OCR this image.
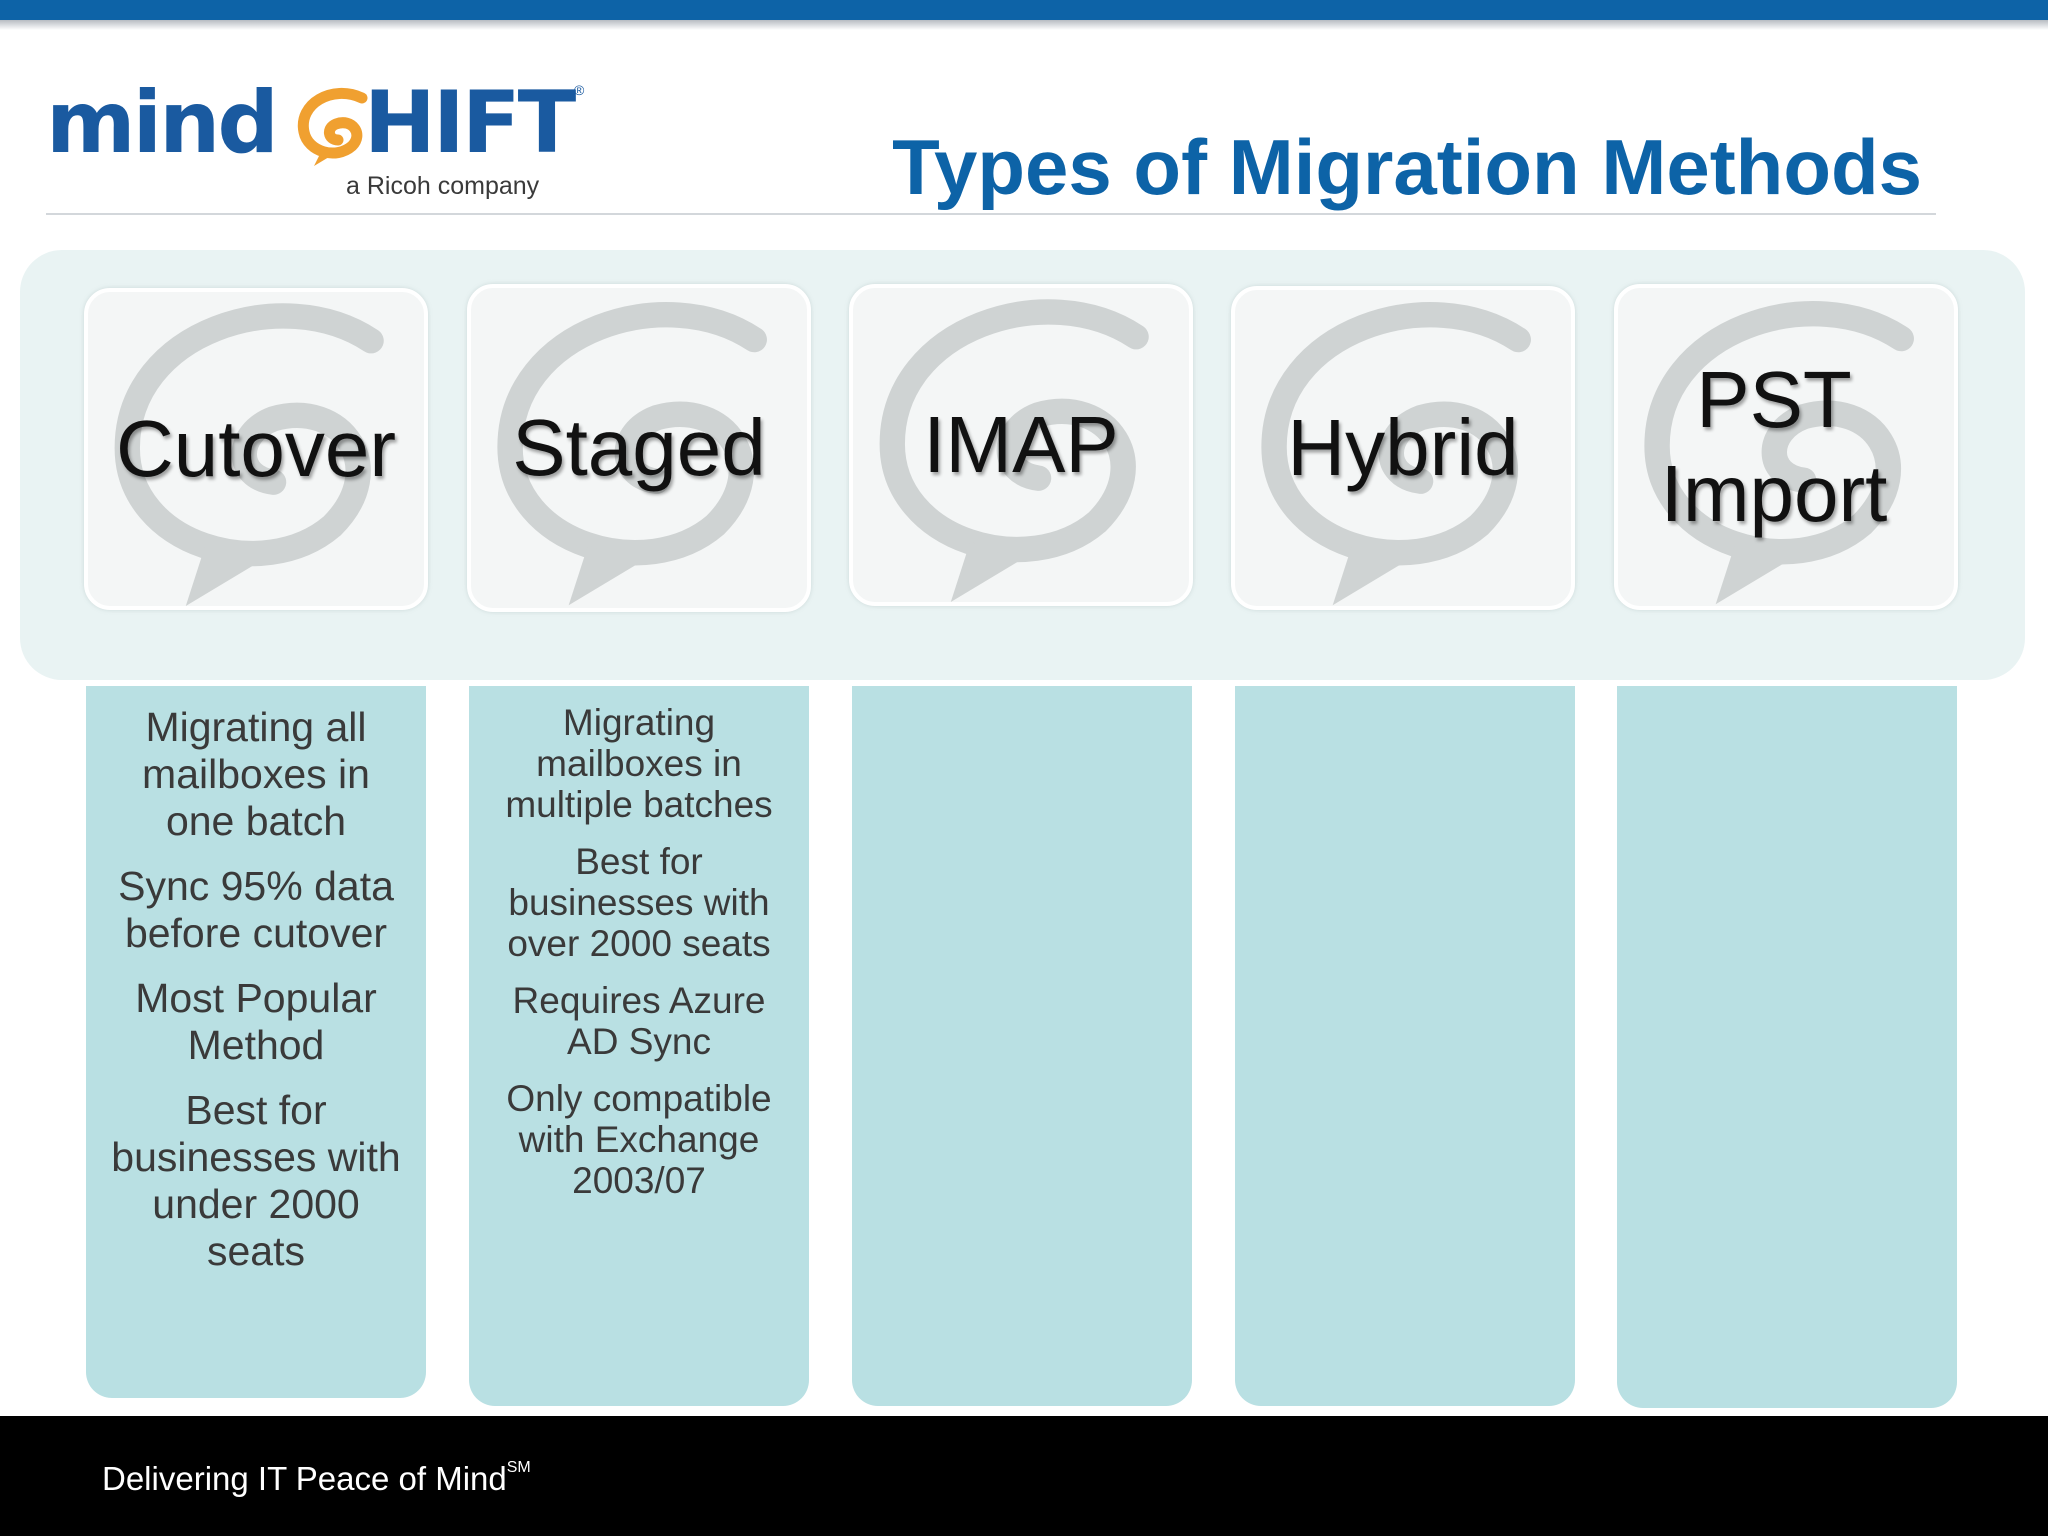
mind HIFT ®
a Ricoh company	Types of Migration Methods

Migrating all mailboxes in one batch

Sync 95% data before cutover

Most Popular Method

Best for businesses with under 2000 seats

Migrating mailboxes in multiple batches

Best for businesses with over 2000 seats

Requires Azure AD Sync

Only compatible with Exchange 2003/07

Cutover	Staged	IMAP	Hybrid
PST Import
Delivering IT Peace of Mind℠
